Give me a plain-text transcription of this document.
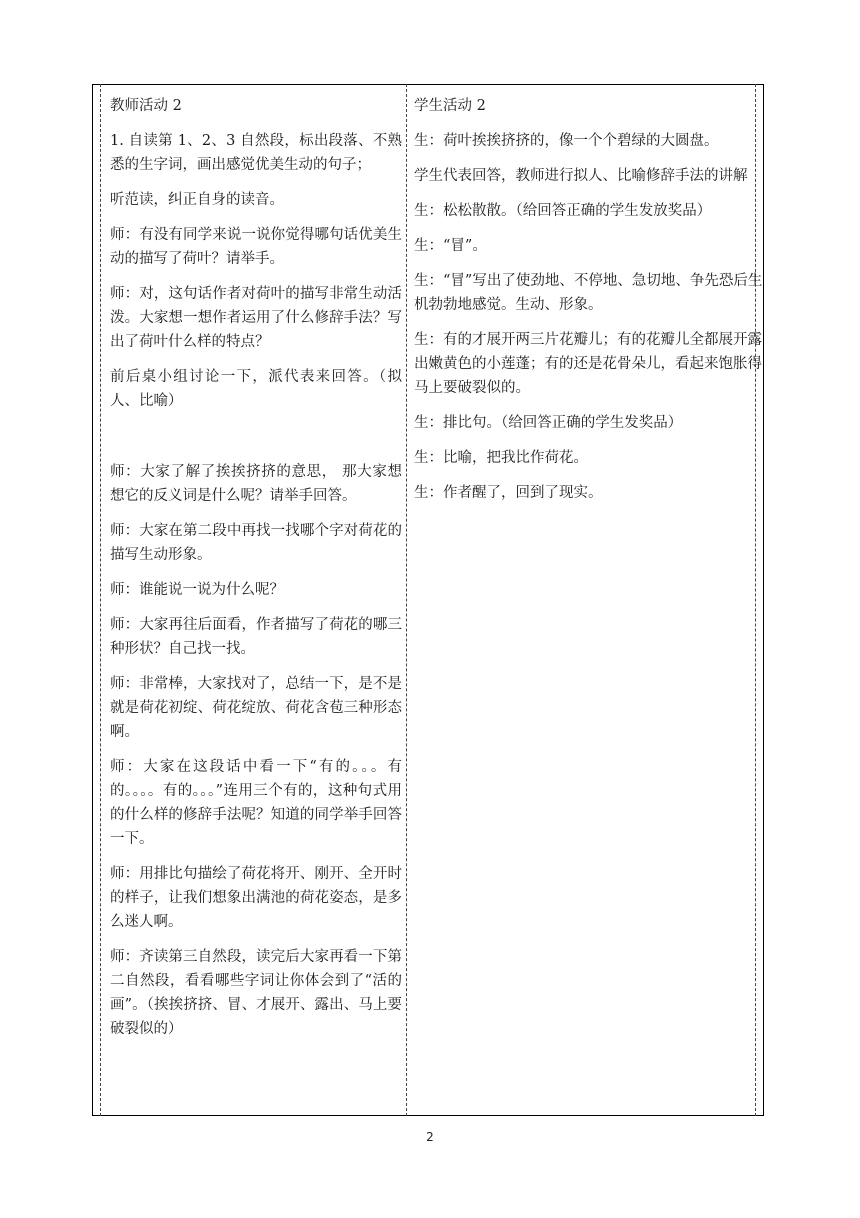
教师活动 2

1. 自读第 1、2、3 自然段，标出段落、不熟悉的生字词，画出感觉优美生动的句子；

听范读，纠正自身的读音。

师：有没有同学来说一说你觉得哪句话优美生动的描写了荷叶？请举手。

师：对，这句话作者对荷叶的描写非常生动活泼。大家想一想作者运用了什么修辞手法？写出了荷叶什么样的特点？

前后桌小组讨论一下，派代表来回答。（拟人、比喻）

师：大家了解了挨挨挤挤的意思， 那大家想想它的反义词是什么呢？请举手回答。

师：大家在第二段中再找一找哪个字对荷花的描写生动形象。

师：谁能说一说为什么呢？

师：大家再往后面看，作者描写了荷花的哪三种形状？自己找一找。

师：非常棒，大家找对了，总结一下，是不是就是荷花初绽、荷花绽放、荷花含苞三种形态啊。

师：大家在这段话中看一下“有的。。。有的。。。。有的。。。”连用三个有的，这种句式用的什么样的修辞手法呢？知道的同学举手回答一下。

师：用排比句描绘了荷花将开、刚开、全开时的样子，让我们想象出满池的荷花姿态，是多么迷人啊。

师：齐读第三自然段，读完后大家再看一下第二自然段，看看哪些字词让你体会到了“活的画”。（挨挨挤挤、冒、才展开、露出、马上要破裂似的）

学生活动 2

生：荷叶挨挨挤挤的，像一个个碧绿的大圆盘。

学生代表回答，教师进行拟人、比喻修辞手法的讲解

生：松松散散。（给回答正确的学生发放奖品）

生：“冒”。

生：“冒”写出了使劲地、不停地、急切地、争先恐后生机勃勃地感觉。生动、形象。

生：有的才展开两三片花瓣儿；有的花瓣儿全都展开露出嫩黄色的小莲蓬；有的还是花骨朵儿，看起来饱胀得马上要破裂似的。

生：排比句。（给回答正确的学生发奖品）

生：比喻，把我比作荷花。

生：作者醒了，回到了现实。

2
